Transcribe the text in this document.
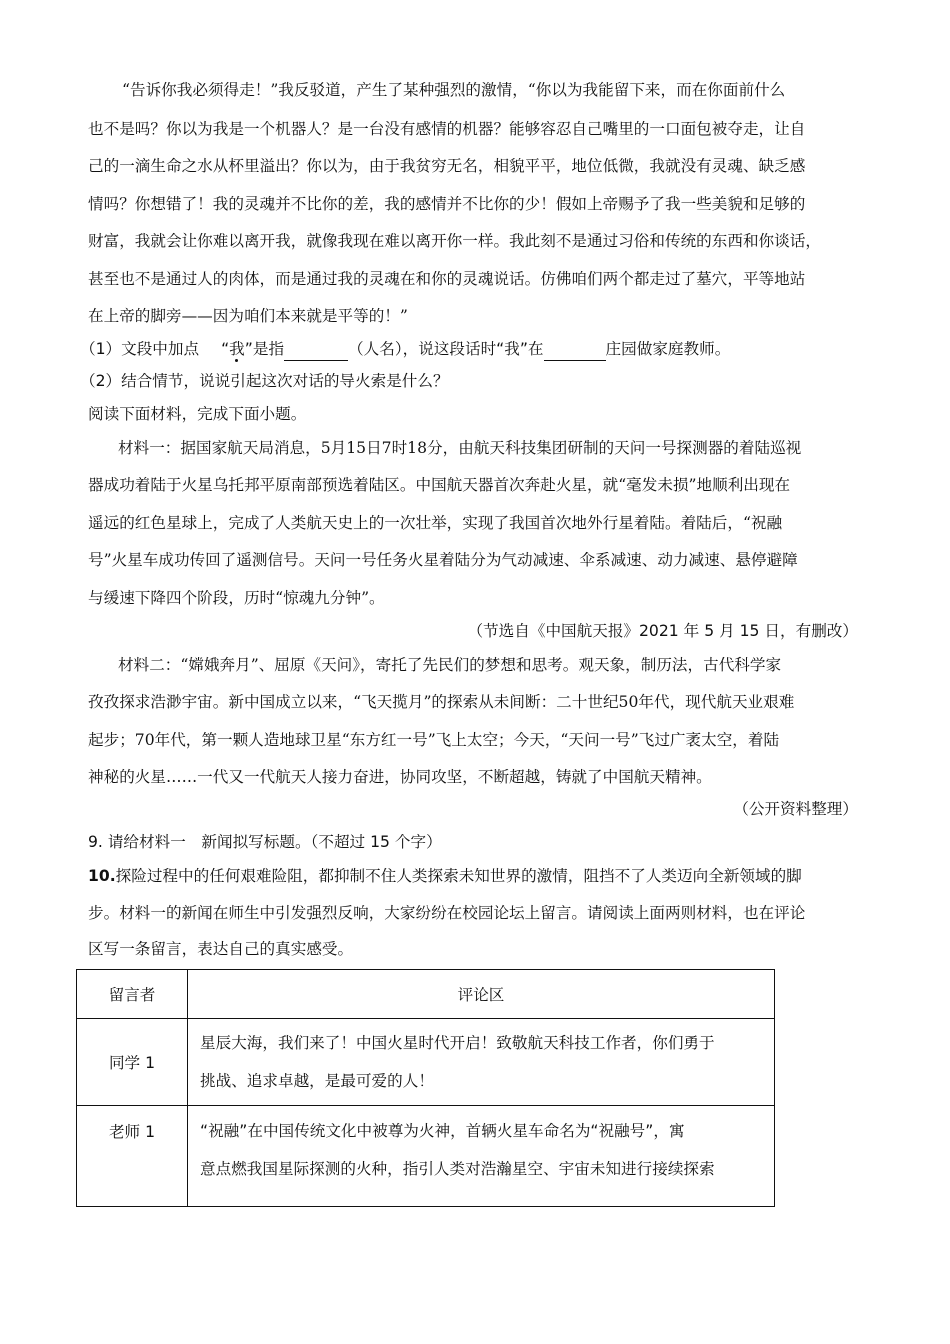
“告诉你我必须得走！”我反驳道，产生了某种强烈的激情，“你以为我能留下来，而在你面前什么
也不是吗？你以为我是一个机器人？是一台没有感情的机器？能够容忍自己嘴里的一口面包被夺走，让自
己的一滴生命之水从杯里溢出？你以为，由于我贫穷无名，相貌平平，地位低微，我就没有灵魂、缺乏感
情吗？你想错了！我的灵魂并不比你的差，我的感情并不比你的少！假如上帝赐予了我一些美貌和足够的
财富，我就会让你难以离开我，就像我现在难以离开你一样。我此刻不是通过习俗和传统的东西和你谈话，
甚至也不是通过人的肉体，而是通过我的灵魂在和你的灵魂说话。仿佛咱们两个都走过了墓穴，平等地站
在上帝的脚旁——因为咱们本来就是平等的！”
（1）文段中加点 “我”是指	（人名），说这段话时“我”在	庄园做家庭教师。
（2）结合情节，说说引起这次对话的导火索是什么？
阅读下面材料，完成下面小题。
材料一：据国家航天局消息，5月15日7时18分，由航天科技集团研制的天问一号探测器的着陆巡视
器成功着陆于火星乌托邦平原南部预选着陆区。中国航天器首次奔赴火星，就“毫发未损”地顺利出现在
遥远的红色星球上，完成了人类航天史上的一次壮举，实现了我国首次地外行星着陆。着陆后，“祝融
号”火星车成功传回了遥测信号。天问一号任务火星着陆分为气动减速、伞系减速、动力减速、悬停避障
与缓速下降四个阶段，历时“惊魂九分钟”。
（节选自《中国航天报》2021 年 5 月 15 日，有删改）
材料二：“嫦娥奔月”、屈原《天问》，寄托了先民们的梦想和思考。观天象，制历法，古代科学家
孜孜探求浩渺宇宙。新中国成立以来，“飞天揽月”的探索从未间断：二十世纪50年代，现代航天业艰难
起步；70年代，第一颗人造地球卫星“东方红一号”飞上太空；今天，“天问一号”飞过广袤太空，着陆
神秘的火星……一代又一代航天人接力奋进，协同攻坚，不断超越，铸就了中国航天精神。
（公开资料整理）
9. 请给材料一　新闻拟写标题。（不超过 15 个字）
10.探险过程中的任何艰难险阻，都抑制不住人类探索未知世界的激情，阻挡不了人类迈向全新领域的脚
步。材料一的新闻在师生中引发强烈反响，大家纷纷在校园论坛上留言。请阅读上面两则材料，也在评论
区写一条留言，表达自己的真实感受。
留言者	评论区
同学 1	星辰大海，我们来了！中国火星时代开启！致敬航天科技工作者，你们勇于
挑战、追求卓越，是最可爱的人！

老师 1	“祝融”在中国传统文化中被尊为火神，首辆火星车命名为“祝融号”，寓
意点燃我国星际探测的火种，指引人类对浩瀚星空、宇宙未知进行接续探索
